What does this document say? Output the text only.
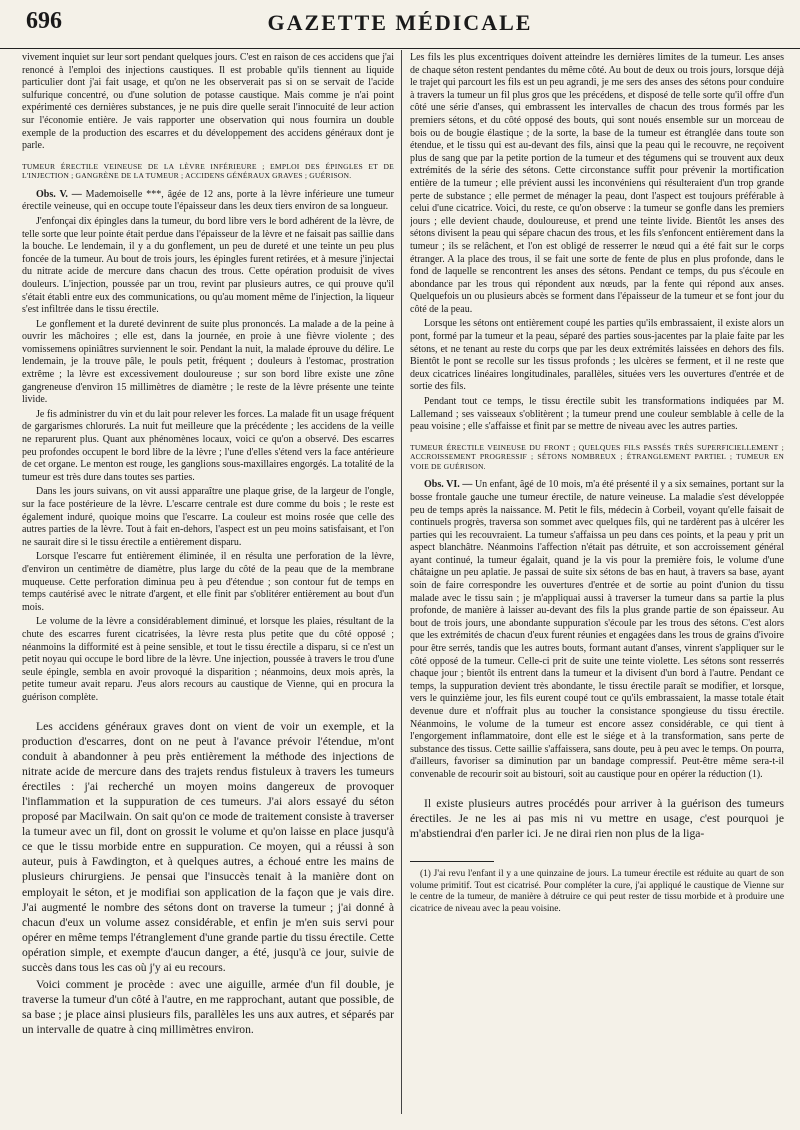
696	GAZETTE MÉDICALE

vivement inquiet sur leur sort pendant quelques jours. C'est en raison de ces accidens que j'ai renoncé à l'emploi des injections caustiques. Il est probable qu'ils tiennent au liquide particulier dont j'ai fait usage, et qu'on ne les observerait pas si on se servait de l'acide sulfurique concentré, ou d'une solution de potasse caustique. Mais comme je n'ai point expérimenté ces dernières substances, je ne puis dire quelle serait l'innocuité de leur action sur l'économie entière. Je vais rapporter une observation qui nous fournira un double exemple de la production des escarres et du développement des accidens généraux dont je parle.

TUMEUR ÉRECTILE VEINEUSE DE LA LÈVRE INFÉRIEURE ; EMPLOI DES ÉPINGLES ET DE L'INJECTION ; GANGRÈNE DE LA TUMEUR ; ACCIDENS GÉNÉRAUX GRAVES ; GUÉRISON.

Obs. V. — Mademoiselle ***, âgée de 12 ans, porte à la lèvre inférieure une tumeur érectile veineuse, qui en occupe toute l'épaisseur dans les deux tiers environ de sa longueur.

J'enfonçai dix épingles dans la tumeur, du bord libre vers le bord adhérent de la lèvre, de telle sorte que leur pointe était perdue dans l'épaisseur de la lèvre et ne faisait pas saillie dans la bouche. Le lendemain, il y a du gonflement, un peu de dureté et une teinte un peu plus foncée de la tumeur. Au bout de trois jours, les épingles furent retirées, et à mesure j'injectai du nitrate acide de mercure dans chacun des trous. Cette opération produisit de vives douleurs. L'injection, poussée par un trou, revint par plusieurs autres, ce qui prouve qu'il s'était établi entre eux des communications, ou qu'au moment même de l'injection, la liqueur s'est infiltrée dans le tissu érectile.

Le gonflement et la dureté devinrent de suite plus prononcés. La malade a de la peine à ouvrir les mâchoires ; elle est, dans la journée, en proie à une fièvre violente ; des vomissemens opiniâtres surviennent le soir. Pendant la nuit, la malade éprouve du délire. Le lendemain, je la trouve pâle, le pouls petit, fréquent ; douleurs à l'estomac, prostration extrême ; la lèvre est excessivement douloureuse ; sur son bord libre existe une zône gangreneuse d'environ 15 millimètres de diamètre ; le reste de la lèvre présente une teinte livide.

Je fis administrer du vin et du lait pour relever les forces. La malade fit un usage fréquent de gargarismes chlorurés. La nuit fut meilleure que la précédente ; les accidens de la veille ne reparurent plus. Quant aux phénomènes locaux, voici ce qu'on a observé. Des escarres peu profondes occupent le bord libre de la lèvre ; l'une d'elles s'étend vers la face antérieure de cet organe. Le menton est rouge, les ganglions sous-maxillaires engorgés. La totalité de la tumeur est très dure dans toutes ses parties.

Dans les jours suivans, on vit aussi apparaître une plaque grise, de la largeur de l'ongle, sur la face postérieure de la lèvre. L'escarre centrale est dure comme du bois ; le reste est également induré, quoique moins que l'escarre. La couleur est moins rosée que celle des autres parties de la lèvre. Tout à fait en-dehors, l'aspect est un peu moins satisfaisant, et l'on ne saurait dire si le tissu érectile a entièrement disparu.

Lorsque l'escarre fut entièrement éliminée, il en résulta une perforation de la lèvre, d'environ un centimètre de diamètre, plus large du côté de la peau que de la membrane muqueuse. Cette perforation diminua peu à peu d'étendue ; son contour fut de temps en temps cautérisé avec le nitrate d'argent, et elle finit par s'oblitérer entièrement au bout d'un mois.

Le volume de la lèvre a considérablement diminué, et lorsque les plaies, résultant de la chute des escarres furent cicatrisées, la lèvre resta plus petite que du côté opposé ; néanmoins la difformité est à peine sensible, et tout le tissu érectile a disparu, si ce n'est un petit noyau qui occupe le bord libre de la lèvre. Une injection, poussée à travers le trou d'une seule épingle, sembla en avoir provoqué la disparition ; néanmoins, deux mois après, la petite tumeur avait reparu. J'eus alors recours au caustique de Vienne, qui en procura la guérison complète.

Les accidens généraux graves dont on vient de voir un exemple, et la production d'escarres, dont on ne peut à l'avance prévoir l'étendue, m'ont conduit à abandonner à peu près entièrement la méthode des injections de nitrate acide de mercure dans des trajets rendus fistuleux à travers les tumeurs érectiles : j'ai recherché un moyen moins dangereux de provoquer l'inflammation et la suppuration de ces tumeurs. J'ai alors essayé du séton proposé par Macilwain. On sait qu'on ce mode de traitement consiste à traverser la tumeur avec un fil, dont on grossit le volume et qu'on laisse en place jusqu'à ce que le tissu morbide entre en suppuration. Ce moyen, qui a réussi à son auteur, puis à Fawdington, et à quelques autres, a échoué entre les mains de plusieurs chirurgiens. Je pensai que l'insuccès tenait à la manière dont on employait le séton, et je modifiai son application de la façon que je vais dire. J'ai augmenté le nombre des sétons dont on traverse la tumeur ; j'ai donné à chacun d'eux un volume assez considérable, et enfin je m'en suis servi pour opérer en même temps l'étranglement d'une grande partie du tissu érectile. Cette opération simple, et exempte d'aucun danger, a été, jusqu'à ce jour, suivie de succès dans tous les cas où j'y ai eu recours.

Voici comment je procède : avec une aiguille, armée d'un fil double, je traverse la tumeur d'un côté à l'autre, en me rapprochant, autant que possible, de sa base ; je place ainsi plusieurs fils, parallèles les uns aux autres, et séparés par un intervalle de quatre à cinq millimètres environ.

Les fils les plus excentriques doivent atteindre les dernières limites de la tumeur. Les anses de chaque séton restent pendantes du même côté. Au bout de deux ou trois jours, lorsque déjà le trajet qui parcourt les fils est un peu agrandi, je me sers des anses des sétons pour conduire à travers la tumeur un fil plus gros que les précédens, et disposé de telle sorte qu'il offre d'un côté une série d'anses, qui embrassent les intervalles de chacun des trous formés par les premiers sétons, et du côté opposé des bouts, qui sont noués ensemble sur un morceau de bois ou de bougie élastique ; de la sorte, la base de la tumeur est étranglée dans toute son étendue, et le tissu qui est au-devant des fils, ainsi que la peau qui le recouvre, ne reçoivent plus de sang que par la petite portion de la tumeur et des tégumens qui se trouvent aux deux extrémités de la série des sétons. Cette circonstance suffit pour prévenir la mortification entière de la tumeur ; elle prévient aussi les inconvéniens qui résulteraient d'un trop grande perte de substance ; elle permet de ménager la peau, dont l'aspect est toujours préférable à celui d'une cicatrice. Voici, du reste, ce qu'on observe : la tumeur se gonfle dans les premiers jours ; elle devient chaude, douloureuse, et prend une teinte livide. Bientôt les anses des sétons divisent la peau qui sépare chacun des trous, et les fils s'enfoncent entièrement dans la tumeur ; ils se relâchent, et l'on est obligé de resserrer le nœud qui a été fait sur le corps étranger. A la place des trous, il se fait une sorte de fente de plus en plus profonde, dans le fond de laquelle se rencontrent les anses des sétons. Pendant ce temps, du pus s'écoule en abondance par les trous qui répondent aux nœuds, par la fente qui répond aux anses. Quelquefois un ou plusieurs abcès se forment dans l'épaisseur de la tumeur et se font jour du côté de la peau.

Lorsque les sétons ont entièrement coupé les parties qu'ils embrassaient, il existe alors un pont, formé par la tumeur et la peau, séparé des parties sous-jacentes par la plaie faite par les sétons, et ne tenant au reste du corps que par les deux extrémités laissées en dehors des fils. Bientôt le pont se recolle sur les tissus profonds ; les ulcères se ferment, et il ne reste que deux cicatrices linéaires longitudinales, parallèles, situées vers les ouvertures d'entrée et de sortie des fils.

Pendant tout ce temps, le tissu érectile subit les transformations indiquées par M. Lallemand ; ses vaisseaux s'oblitèrent ; la tumeur prend une couleur semblable à celle de la peau voisine ; elle s'affaisse et finit par se mettre de niveau avec les autres parties.

TUMEUR ÉRECTILE VEINEUSE DU FRONT ; QUELQUES FILS PASSÉS TRÈS SUPERFICIELLEMENT ; ACCROISSEMENT PROGRESSIF ; SÉTONS NOMBREUX ; ÉTRANGLEMENT PARTIEL ; TUMEUR EN VOIE DE GUÉRISON.

Obs. VI. — Un enfant, âgé de 10 mois, m'a été présenté il y a six semaines, portant sur la bosse frontale gauche une tumeur érectile, de nature veineuse. La maladie s'est développée peu de temps après la naissance. M. Petit le fils, médecin à Corbeil, voyant qu'elle faisait de continuels progrès, traversa son sommet avec quelques fils, qui ne tardèrent pas à ulcérer les parties qui les recouvraient. La tumeur s'affaissa un peu dans ces points, et la peau y prit un aspect blanchâtre. Néanmoins l'affection n'était pas détruite, et son accroissement général ayant continué, la tumeur égalait, quand je la vis pour la première fois, le volume d'une châtaigne un peu aplatie. Je passai de suite six sétons de bas en haut, à travers sa base, ayant soin de faire correspondre les ouvertures d'entrée et de sortie au point d'union du tissu malade avec le tissu sain ; je m'appliquai aussi à traverser la tumeur dans sa partie la plus profonde, de manière à laisser au-devant des fils la plus grande partie de son épaisseur. Au bout de trois jours, une abondante suppuration s'écoule par les trous des sétons. C'est alors que les extrémités de chacun d'eux furent réunies et engagées dans les trous de grains d'ivoire pour être serrés, tandis que les autres bouts, formant autant d'anses, vinrent s'appliquer sur le côté opposé de la tumeur. Celle-ci prit de suite une teinte violette. Les sétons sont resserrés chaque jour ; bientôt ils entrent dans la tumeur et la divisent d'un bord à l'autre. Pendant ce temps, la suppuration devient très abondante, le tissu érectile paraît se modifier, et lorsque, vers le quinzième jour, les fils eurent coupé tout ce qu'ils embrassaient, la masse totale était devenue dure et n'offrait plus au toucher la consistance spongieuse du tissu érectile. Néanmoins, le volume de la tumeur est encore assez considérable, ce qui tient à l'engorgement inflammatoire, dont elle est le siége et à la transformation, sans perte de substance des tissus. Cette saillie s'affaissera, sans doute, peu à peu avec le temps. On pourra, d'ailleurs, favoriser sa diminution par un bandage compressif. Peut-être même sera-t-il convenable de recourir soit au bistouri, soit au caustique pour en opérer la réduction (1).

Il existe plusieurs autres procédés pour arriver à la guérison des tumeurs érectiles. Je ne les ai pas mis ni vu mettre en usage, c'est pourquoi je m'abstiendrai d'en parler ici. Je ne dirai rien non plus de la liga-

(1) J'ai revu l'enfant il y a une quinzaine de jours. La tumeur érectile est réduite au quart de son volume primitif. Tout est cicatrisé. Pour compléter la cure, j'ai appliqué le caustique de Vienne sur le centre de la tumeur, de manière à détruire ce qui peut rester de tissu morbide et à produire une cicatrice de niveau avec la peau voisine.
